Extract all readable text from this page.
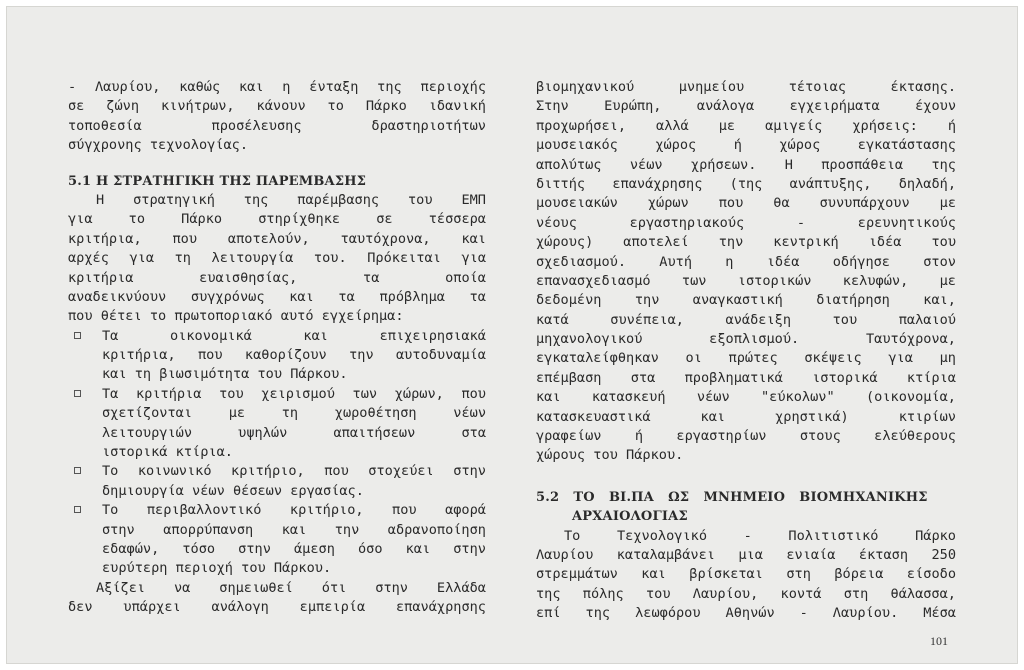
- Λαυρίου, καθώς και η ένταξη της περιοχής
σε ζώνη κινήτρων, κάνουν το Πάρκο ιδανική
τοποθεσία προσέλευσης δραστηριοτήτων
σύγχρονης τεχνολογίας.
5.1 Η ΣΤΡΑΤΗΓΙΚΗ ΤΗΣ ΠΑΡΕΜΒΑΣΗΣ
Η στρατηγική της παρέμβασης του ΕΜΠ
για το Πάρκο στηρίχθηκε σε τέσσερα
κριτήρια, που αποτελούν, ταυτόχρονα, και
αρχές για τη λειτουργία του. Πρόκειται για
κριτήρια ευαισθησίας, τα οποία
αναδεικνύουν συγχρόνως και τα πρόβλημα τα
που θέτει το πρωτοποριακό αυτό εγχείρημα:
Τα οικονομικά και επιχειρησιακά
κριτήρια, που καθορίζουν την αυτοδυναμία
και τη βιωσιμότητα του Πάρκου.
Τα κριτήρια του χειρισμού των χώρων, που
σχετίζονται με τη χωροθέτηση νέων
λειτουργιών υψηλών απαιτήσεων στα
ιστορικά κτίρια.
Το κοινωνικό κριτήριο, που στοχεύει στην
δημιουργία νέων θέσεων εργασίας.
Το περιβαλλοντικό κριτήριο, που αφορά
στην απορρύπανση και την αδρανοποίηση
εδαφών, τόσο στην άμεση όσο και στην
ευρύτερη περιοχή του Πάρκου.
Αξίζει να σημειωθεί ότι στην Ελλάδα
δεν υπάρχει ανάλογη εμπειρία επανάχρησης
βιομηχανικού μνημείου τέτοιας έκτασης.
Στην Ευρώπη, ανάλογα εγχειρήματα έχουν
προχωρήσει, αλλά με αμιγείς χρήσεις: ή
μουσειακός χώρος ή χώρος εγκατάστασης
απολύτως νέων χρήσεων. Η προσπάθεια της
διττής επανάχρησης (της ανάπτυξης, δηλαδή,
μουσειακών χώρων που θα συνυπάρχουν με
νέους εργαστηριακούς - ερευνητικούς
χώρους) αποτελεί την κεντρική ιδέα του
σχεδιασμού. Αυτή η ιδέα οδήγησε στον
επανασχεδιασμό των ιστορικών κελυφών, με
δεδομένη την αναγκαστική διατήρηση και,
κατά συνέπεια, ανάδειξη του παλαιού
μηχανολογικού εξοπλισμού. Ταυτόχρονα,
εγκαταλείφθηκαν οι πρώτες σκέψεις για μη
επέμβαση στα προβληματικά ιστορικά κτίρια
και κατασκευή νέων "εύκολων" (οικονομία,
κατασκευαστικά και χρηστικά) κτιρίων
γραφείων ή εργαστηρίων στους ελεύθερους
χώρους του Πάρκου.
5.2   ΤΟ   ΒΙ.ΠΑ   ΩΣ   ΜΝΗΜΕΙΟ   ΒΙΟΜΗΧΑΝΙΚΗΣ
ΑΡΧΑΙΟΛΟΓΙΑΣ
Το Τεχνολογικό - Πολιτιστικό Πάρκο
Λαυρίου καταλαμβάνει μια ενιαία έκταση 250
στρεμμάτων και βρίσκεται στη βόρεια είσοδο
της πόλης του Λαυρίου, κοντά στη θάλασσα,
επί της λεωφόρου Αθηνών - Λαυρίου. Μέσα
101
